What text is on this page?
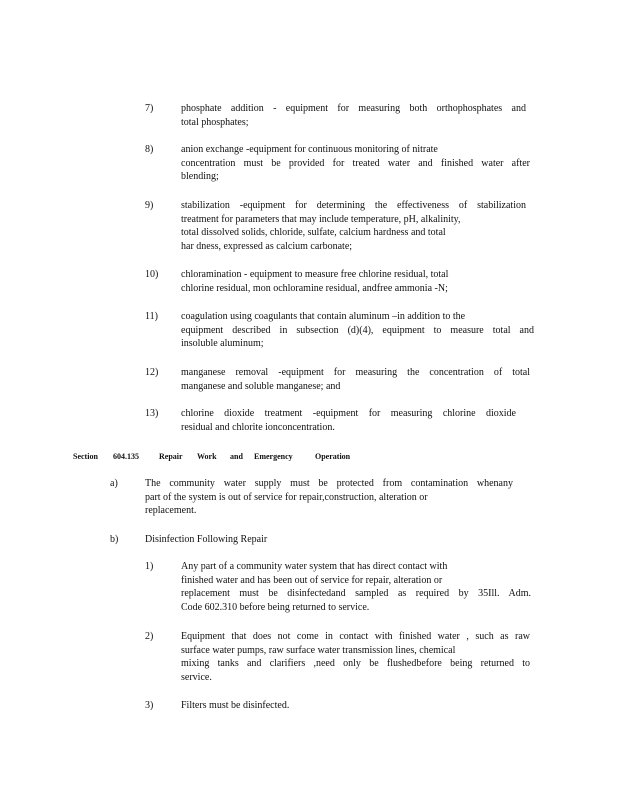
7)	phosphate addition - equipment for measuring both orthophosphates and
total phosphates;
8)	anion exchange -equipment for continuous monitoring of nitrate
concentration must be provided for treated water and finished water after
blending;
9)	stabilization -equipment for determining the effectiveness of stabilization
treatment for parameters that may include temperature, pH, alkalinity,
total dissolved solids, chloride, sulfate, calcium hardness and total
har dness, expressed as calcium carbonate;
10) chloramination - equipment to measure free chlorine residual, total
chlorine residual, mon ochloramine residual, andfree ammonia -N;
11) coagulation using coagulants that contain aluminum –in addition to the
equipment described in subsection (d)(4), equipment to measure total and
insoluble aluminum;
12) manganese removal -equipment for measuring the concentration of total
manganese and soluble manganese; and
13) chlorine dioxide treatment -equipment for measuring chlorine dioxide
residual and chlorite ionconcentration.
Section 604.135	Repair Work and Emergency	Operation
a)	The community water supply must be protected from contamination whenany
part of the system is out of service for repair,construction, alteration or
replacement.
b)	Disinfection Following Repair
1)	Any part of a community water system that has direct contact with
finished water and has been out of service for repair, alteration or
replacement must be disinfectedand sampled as required by 35Ill. Adm.
Code 602.310 before being returned to service.
2)	Equipment that does not come in contact with finished water , such as raw
surface water pumps, raw surface water transmission lines, chemical
mixing tanks and clarifiers ,need only be flushedbefore being returned to
service.
3)	Filters must be disinfected.
